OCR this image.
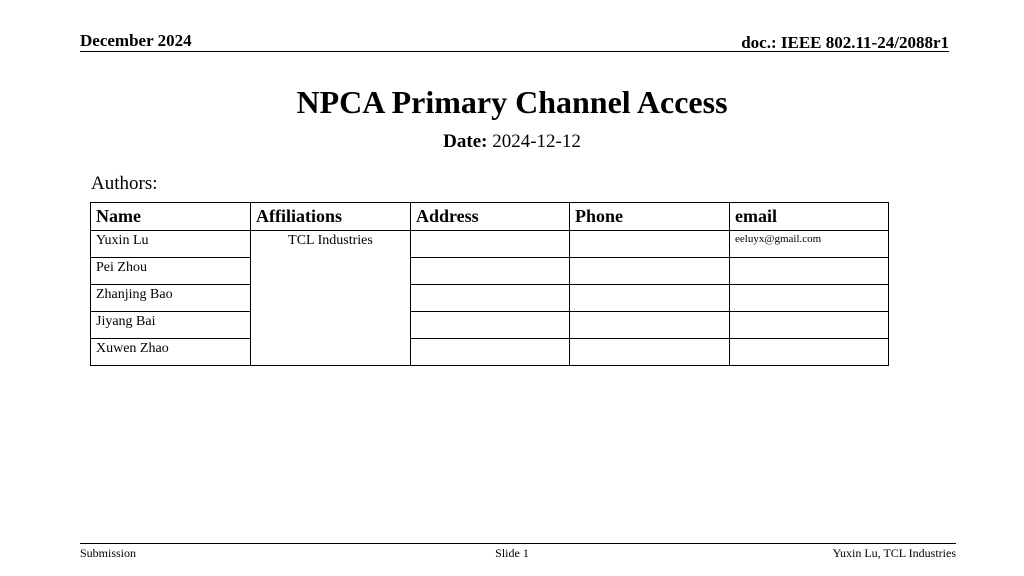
December 2024	doc.: IEEE 802.11-24/2088r1
NPCA Primary Channel Access
Date: 2024-12-12
Authors:
Name	Affiliations	Address	Phone	email
Yuxin Lu	TCL Industries			eeluyx@gmail.com
Pei Zhou				
Zhanjing Bao				
Jiyang Bai				
Xuwen Zhao				
Submission	Slide 1	Yuxin Lu, TCL Industries
